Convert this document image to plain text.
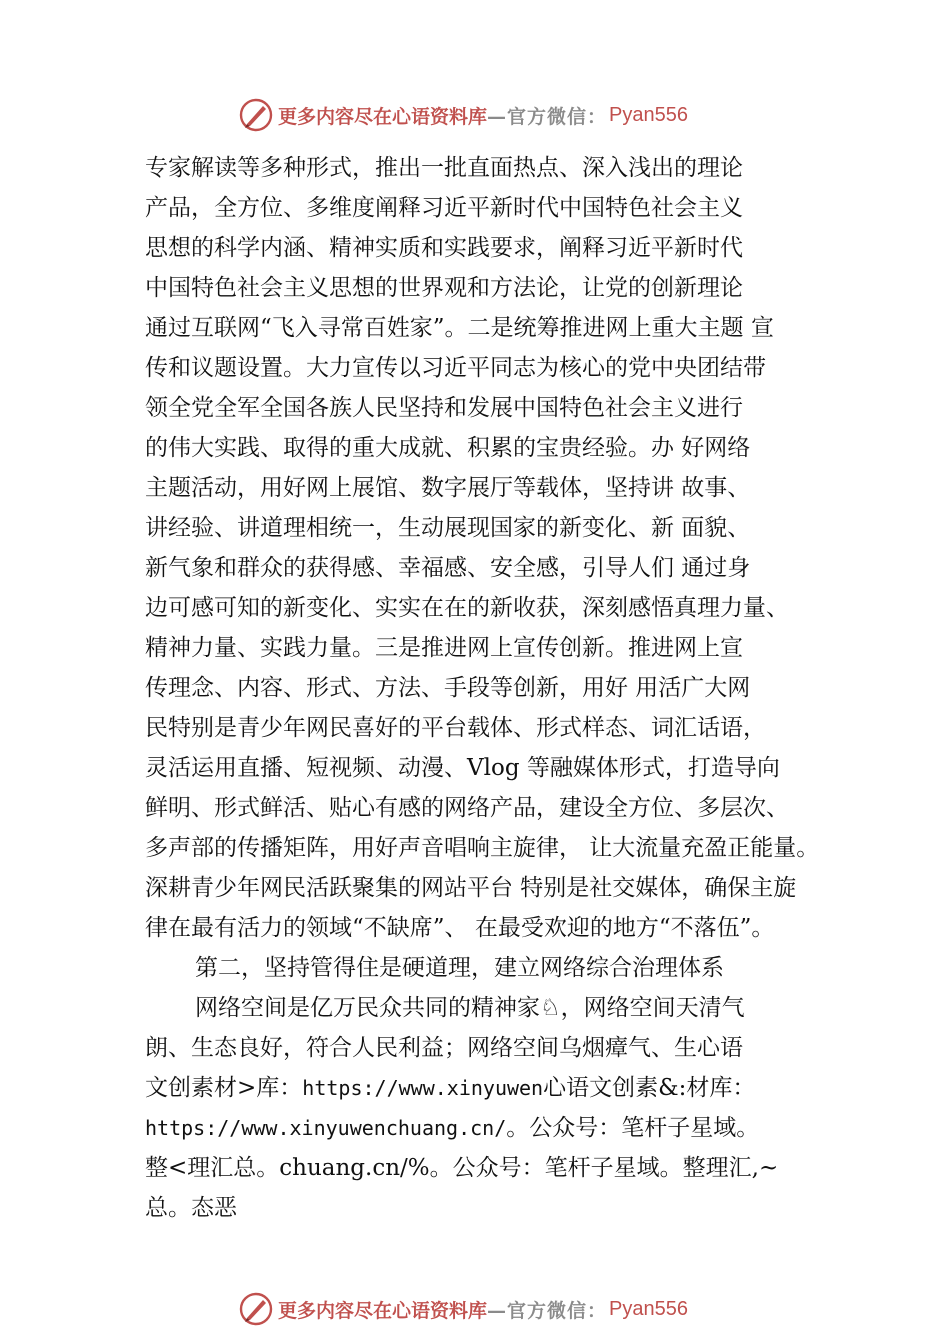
更多内容尽在心语资料库 —官方微信： Pyan556
专家解读等多种形式，推出一批直面热点、深入浅出的理论
产品，全方位、多维度阐释习近平新时代中国特色社会主义
思想的科学内涵、精神实质和实践要求，阐释习近平新时代
中国特色社会主义思想的世界观和方法论，让党的创新理论
通过互联网“飞入寻常百姓家”。二是统筹推进网上重大主题 宣
传和议题设置。大力宣传以习近平同志为核心的党中央团结带
领全党全军全国各族人民坚持和发展中国特色社会主义进行
的伟大实践、取得的重大成就、积累的宝贵经验。办 好网络
主题活动，用好网上展馆、数字展厅等载体，坚持讲 故事、
讲经验、讲道理相统一，生动展现国家的新变化、新 面貌、
新气象和群众的获得感、幸福感、安全感，引导人们 通过身
边可感可知的新变化、实实在在的新收获，深刻感悟真理力量、
精神力量、实践力量。三是推进网上宣传创新。推进网上宣
传理念、内容、形式、方法、手段等创新，用好 用活广大网
民特别是青少年网民喜好的平台载体、形式样态、词汇话语，
灵活运用直播、短视频、动漫、Vlog 等融媒体形式，打造导向
鲜明、形式鲜活、贴心有感的网络产品，建设全方位、多层次、
多声部的传播矩阵，用好声音唱响主旋律， 让大流量充盈正能量。
深耕青少年网民活跃聚集的网站平台 特别是社交媒体，确保主旋
律在最有活力的领域“不缺席”、 在最受欢迎的地方“不落伍”。
第二，坚持管得住是硬道理，建立网络综合治理体系
网络空间是亿万民众共同的精神家♘，网络空间天清气
朗、生态良好，符合人民利益；网络空间乌烟瘴气、生心语
文创素材>库：https://www.xinyuwen心语文创素&:材库：
https://www.xinyuwenchuang.cn/。公众号：笔杆子星域。
整<理汇总。chuang.cn/%。公众号：笔杆子星域。整理汇,~
总。态恶
更多内容尽在心语资料库 —官方微信： Pyan556
